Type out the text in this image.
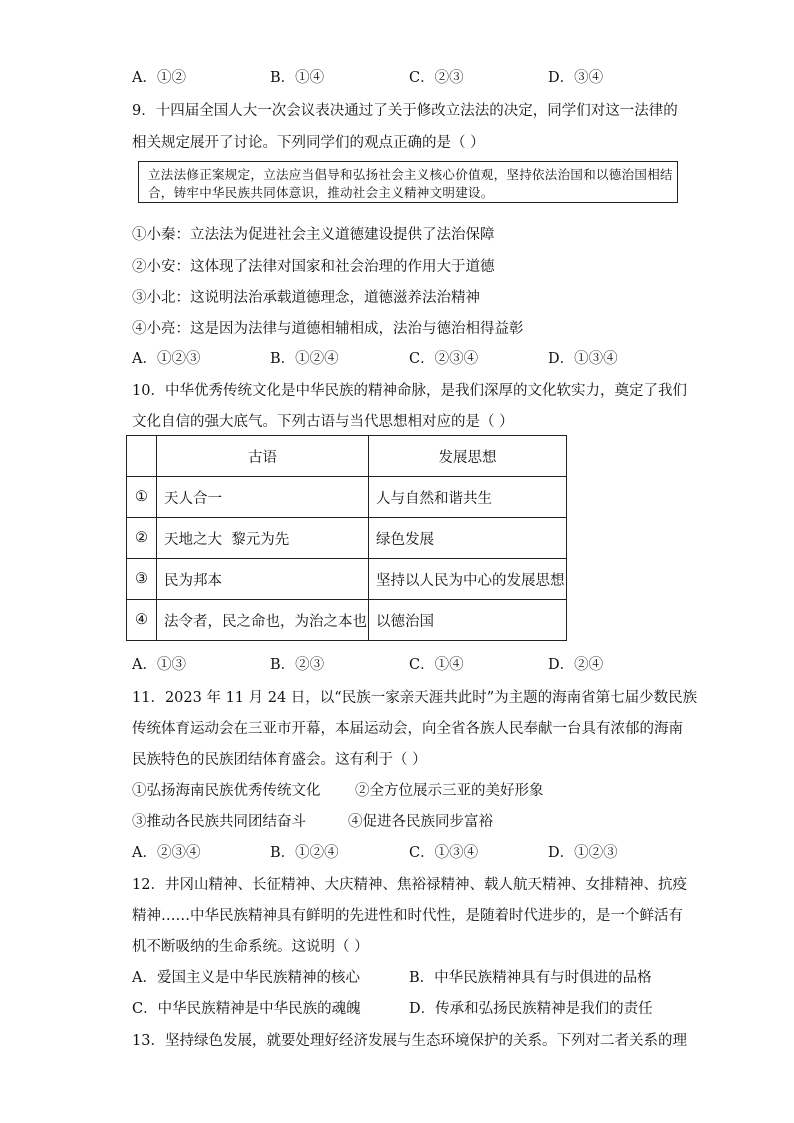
A．①②	B．①④	C．②③	D．③④
9．十四届全国人大一次会议表决通过了关于修改立法法的决定，同学们对这一法律的
相关规定展开了讨论。下列同学们的观点正确的是（ ）
立法法修正案规定，立法应当倡导和弘扬社会主义核心价值观，坚持依法治国和以德治国相结合，铸牢中华民族共同体意识，推动社会主义精神文明建设。
①小秦：立法法为促进社会主义道德建设提供了法治保障
②小安：这体现了法律对国家和社会治理的作用大于道德
③小北：这说明法治承载道德理念，道德滋养法治精神
④小亮：这是因为法律与道德相辅相成，法治与德治相得益彰
A．①②③	B．①②④	C．②③④	D．①③④
10．中华优秀传统文化是中华民族的精神命脉，是我们深厚的文化软实力，奠定了我们
文化自信的强大底气。下列古语与当代思想相对应的是（ ）
	古语	发展思想
①	天人合一	人与自然和谐共生
②	天地之大  黎元为先	绿色发展
③	民为邦本	坚持以人民为中心的发展思想
④	法令者，民之命也，为治之本也	以德治国
A．①③	B．②③	C．①④	D．②④
11．2023 年 11 月 24 日，以“民族一家亲天涯共此时”为主题的海南省第七届少数民族
传统体育运动会在三亚市开幕，本届运动会，向全省各族人民奉献一台具有浓郁的海南
民族特色的民族团结体育盛会。这有利于（ ）
①弘扬海南民族优秀传统文化 ②全方位展示三亚的美好形象
③推动各民族共同团结奋斗	④促进各民族同步富裕
A．②③④	B．①②④	C．①③④	D．①②③
12．井冈山精神、长征精神、大庆精神、焦裕禄精神、载人航天精神、女排精神、抗疫
精神……中华民族精神具有鲜明的先进性和时代性，是随着时代进步的，是一个鲜活有
机不断吸纳的生命系统。这说明（ ）
A．爱国主义是中华民族精神的核心	B．中华民族精神具有与时俱进的品格
C．中华民族精神是中华民族的魂魄	D．传承和弘扬民族精神是我们的责任
13．坚持绿色发展，就要处理好经济发展与生态环境保护的关系。下列对二者关系的理
